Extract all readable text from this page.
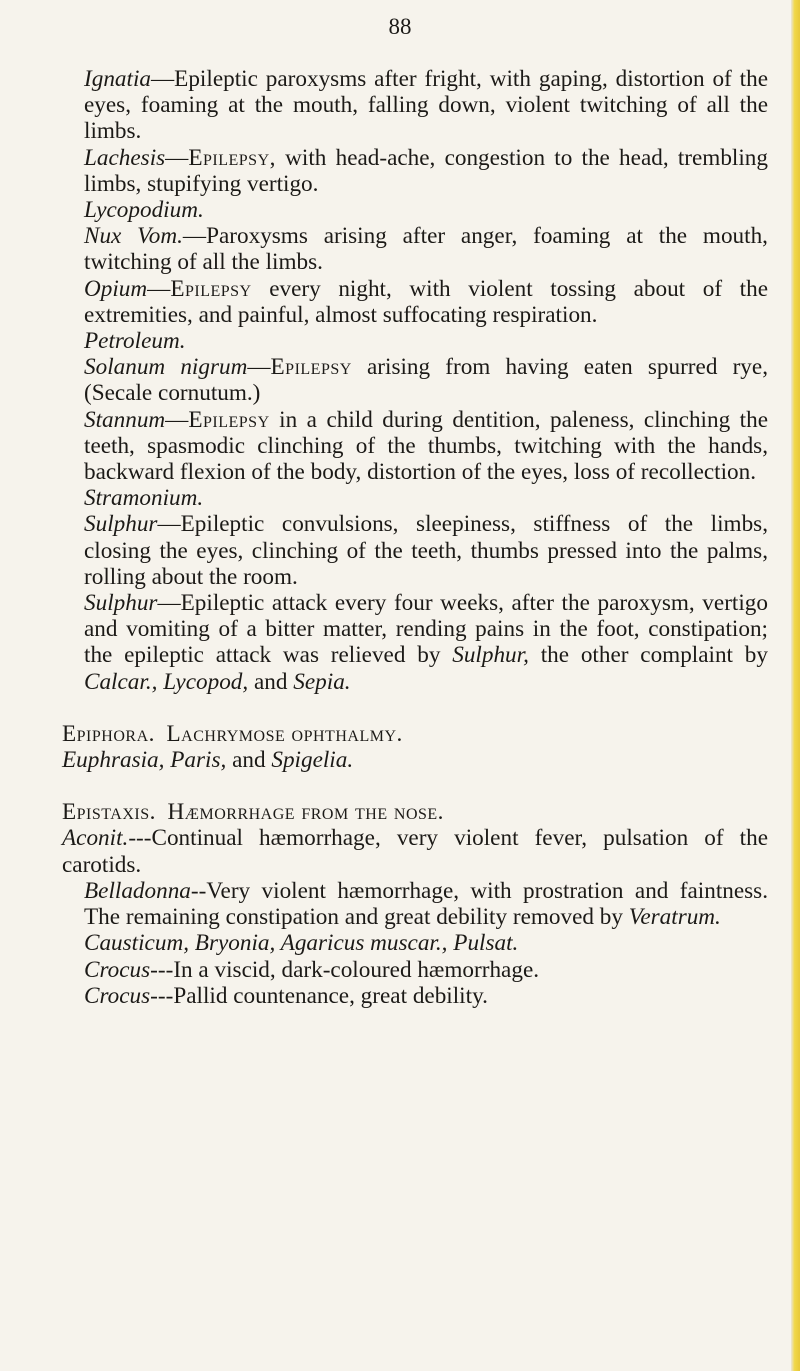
88

Ignatia—Epileptic paroxysms after fright, with gaping, distortion of the eyes, foaming at the mouth, falling down, violent twitching of all the limbs.

Lachesis—Epilepsy, with head-ache, congestion to the head, trembling limbs, stupifying vertigo.

Lycopodium.

Nux Vom.—Paroxysms arising after anger, foaming at the mouth, twitching of all the limbs.

Opium—Epilepsy every night, with violent tossing about of the extremities, and painful, almost suffocating respiration.

Petroleum.

Solanum nigrum—Epilepsy arising from having eaten spurred rye, (Secale cornutum.)

Stannum—Epilepsy in a child during dentition, paleness, clinching the teeth, spasmodic clinching of the thumbs, twitching with the hands, backward flexion of the body, distortion of the eyes, loss of recollection.

Stramonium.

Sulphur—Epileptic convulsions, sleepiness, stiffness of the limbs, closing the eyes, clinching of the teeth, thumbs pressed into the palms, rolling about the room.

Sulphur—Epileptic attack every four weeks, after the paroxysm, vertigo and vomiting of a bitter matter, rending pains in the foot, constipation; the epileptic attack was relieved by Sulphur, the other complaint by Calcar., Lycopod, and Sepia.

Epiphora. Lachrymose ophthalmy.

Euphrasia, Paris, and Spigelia.

Epistaxis. Hæmorrhage from the nose.

Aconit.---Continual hæmorrhage, very violent fever, pulsation of the carotids.

Belladonna--Very violent hæmorrhage, with prostration and faintness. The remaining constipation and great debility removed by Veratrum.

Causticum, Bryonia, Agaricus muscar., Pulsat.

Crocus---In a viscid, dark-coloured hæmorrhage.

Crocus---Pallid countenance, great debility.
